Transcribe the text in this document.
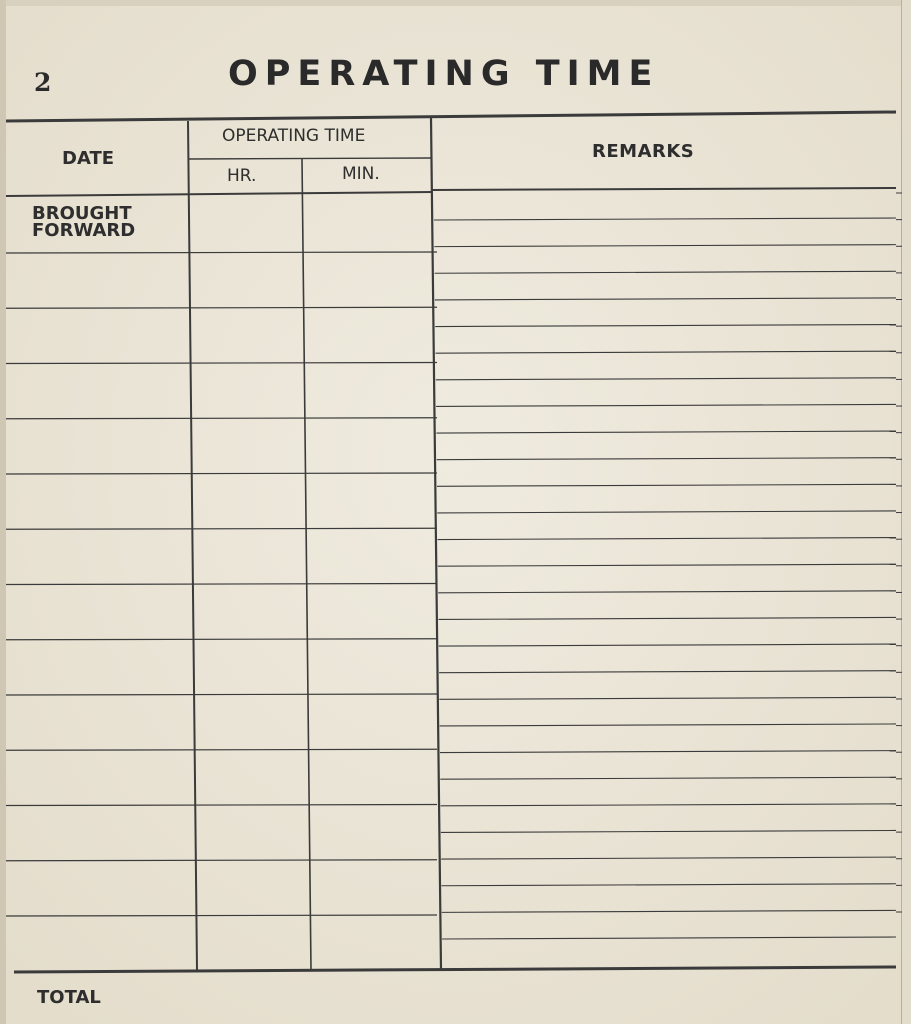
2	OPERATING TIME
DATE
OPERATING TIME
HR.	MIN.
REMARKS
BROUGHT
FORWARD
TOTAL
